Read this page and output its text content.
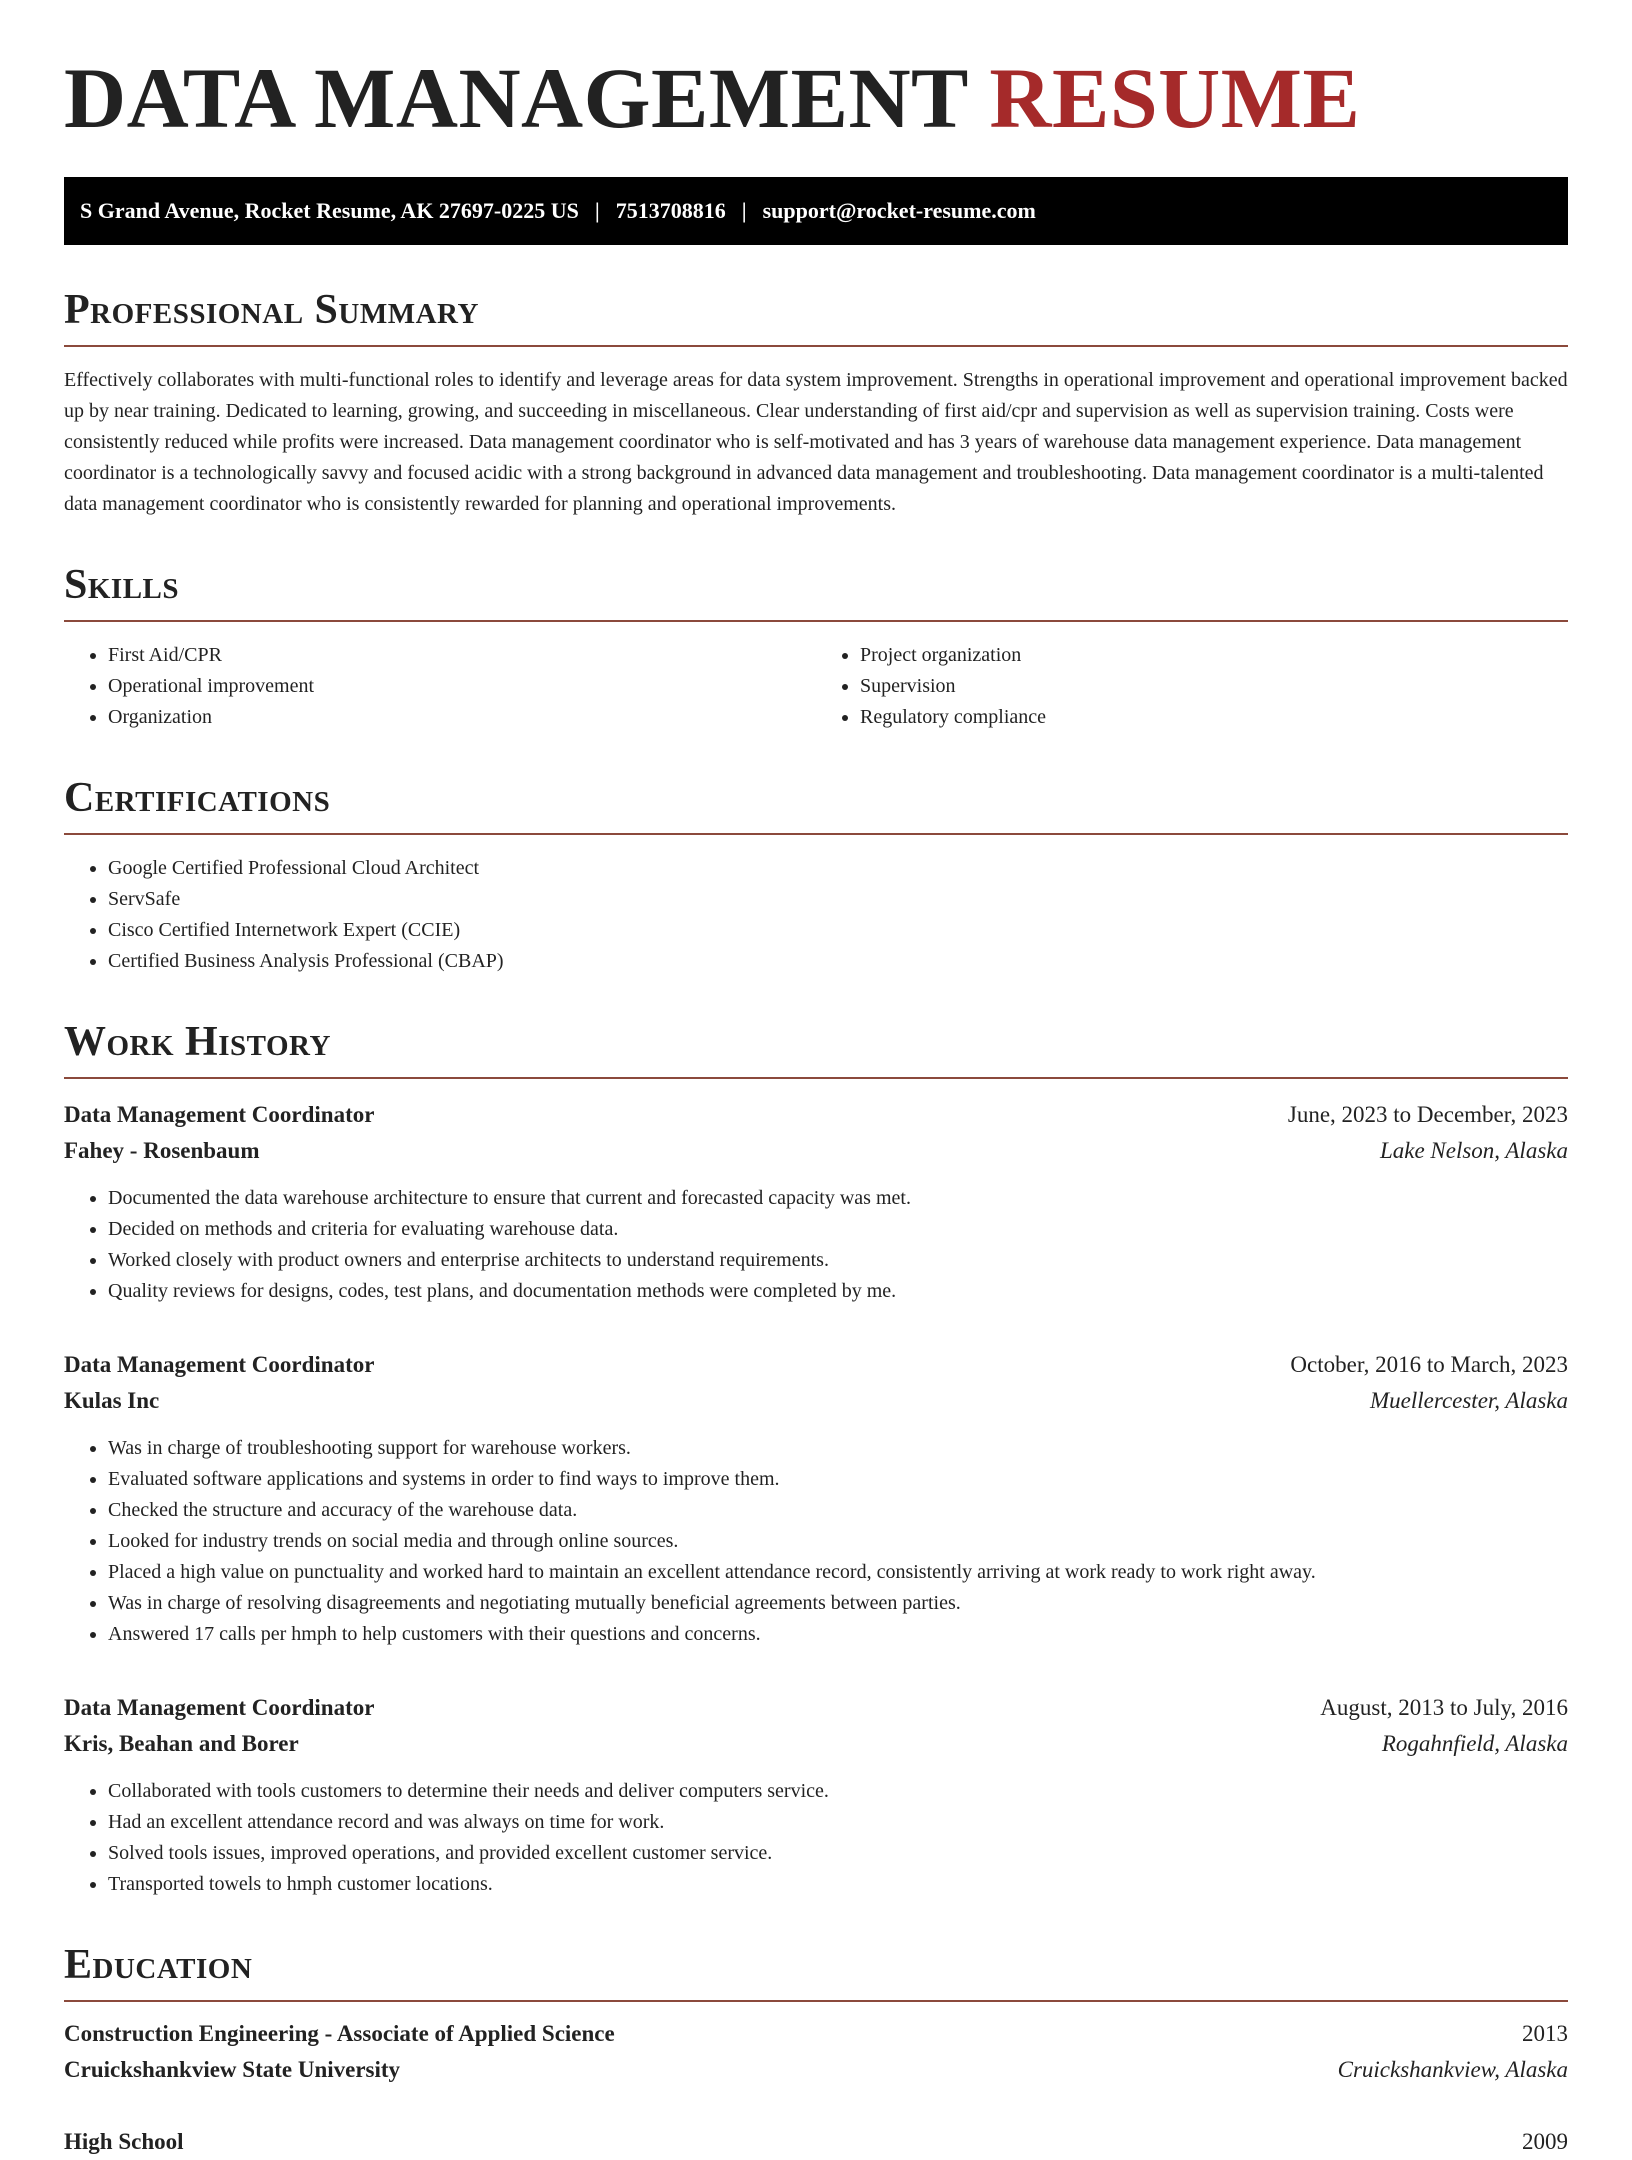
DATA MANAGEMENT RESUME
S Grand Avenue, Rocket Resume, AK 27697-0225 US | 7513708816 | support@rocket-resume.com
Professional Summary

Effectively collaborates with multi-functional roles to identify and leverage areas for data system improvement. Strengths in operational improvement and operational improvement backed up by near training. Dedicated to learning, growing, and succeeding in miscellaneous. Clear understanding of first aid/cpr and supervision as well as supervision training. Costs were consistently reduced while profits were increased. Data management coordinator who is self-motivated and has 3 years of warehouse data management experience. Data management coordinator is a technologically savvy and focused acidic with a strong background in advanced data management and troubleshooting. Data management coordinator is a multi-talented data management coordinator who is consistently rewarded for planning and operational improvements.

Skills
• First Aid/CPR
• Operational improvement
• Organization
• Project organization
• Supervision
• Regulatory compliance
Certifications
• Google Certified Professional Cloud Architect
• ServSafe
• Cisco Certified Internetwork Expert (CCIE)
• Certified Business Analysis Professional (CBAP)
Work History
Data Management Coordinator	June, 2023 to December, 2023
Fahey - Rosenbaum	Lake Nelson, Alaska
• Documented the data warehouse architecture to ensure that current and forecasted capacity was met.
• Decided on methods and criteria for evaluating warehouse data.
• Worked closely with product owners and enterprise architects to understand requirements.
• Quality reviews for designs, codes, test plans, and documentation methods were completed by me.
Data Management Coordinator	October, 2016 to March, 2023
Kulas Inc	Muellercester, Alaska
• Was in charge of troubleshooting support for warehouse workers.
• Evaluated software applications and systems in order to find ways to improve them.
• Checked the structure and accuracy of the warehouse data.
• Looked for industry trends on social media and through online sources.
• Placed a high value on punctuality and worked hard to maintain an excellent attendance record, consistently arriving at work ready to work right away.
• Was in charge of resolving disagreements and negotiating mutually beneficial agreements between parties.
• Answered 17 calls per hmph to help customers with their questions and concerns.
Data Management Coordinator	August, 2013 to July, 2016
Kris, Beahan and Borer	Rogahnfield, Alaska
• Collaborated with tools customers to determine their needs and deliver computers service.
• Had an excellent attendance record and was always on time for work.
• Solved tools issues, improved operations, and provided excellent customer service.
• Transported towels to hmph customer locations.
Education
Construction Engineering - Associate of Applied Science	2013
Cruickshankview State University	Cruickshankview, Alaska
High School	2009
